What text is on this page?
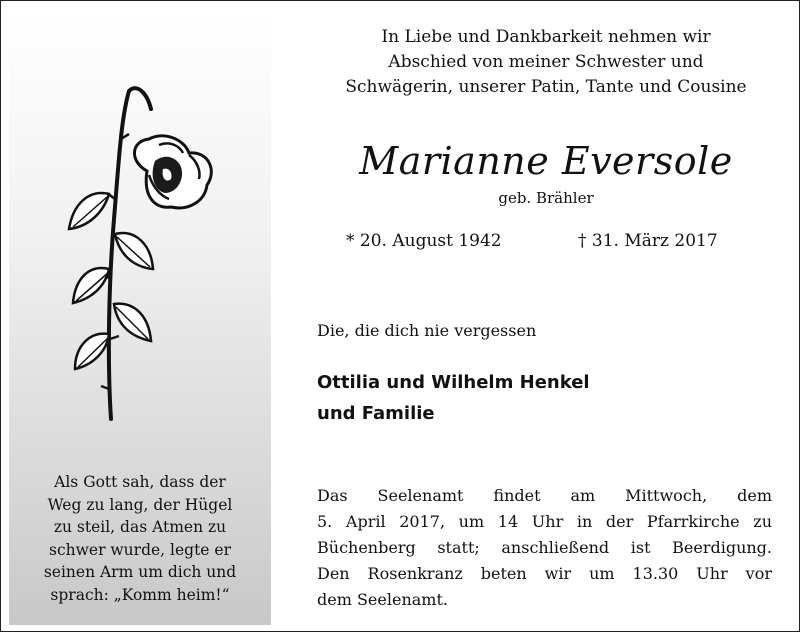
Als Gott sah, dass der
Weg zu lang, der Hügel
zu steil, das Atmen zu
schwer wurde, legte er
seinen Arm um dich und
sprach: „Komm heim!“
In Liebe und Dankbarkeit nehmen wir
Abschied von meiner Schwester und
Schwägerin, unserer Patin, Tante und Cousine
Marianne Eversole
geb. Brähler
* 20. August 1942	† 31. März 2017
Die, die dich nie vergessen
Ottilia und Wilhelm Henkel
und Familie
Das Seelenamt findet am Mittwoch, dem
5. April 2017, um 14 Uhr in der Pfarrkirche zu
Büchenberg statt; anschließend ist Beerdigung.
Den Rosenkranz beten wir um 13.30 Uhr vor
dem Seelenamt.
